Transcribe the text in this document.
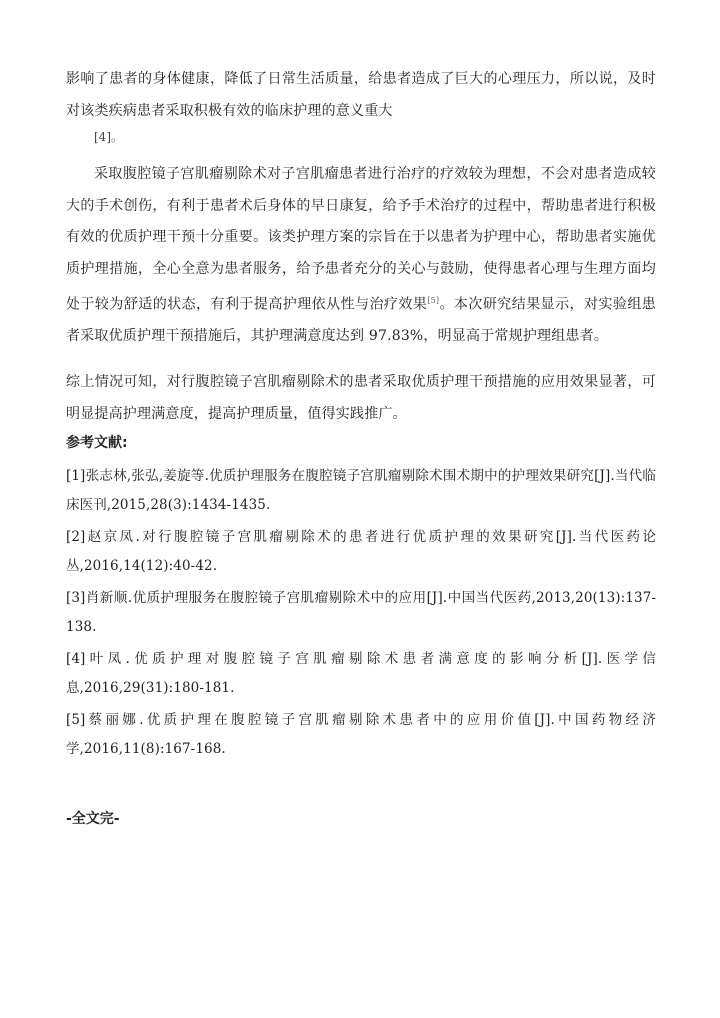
影响了患者的身体健康，降低了日常生活质量，给患者造成了巨大的心理压力，所以说，及时对该类疾病患者采取积极有效的临床护理的意义重大

[4]。

采取腹腔镜子宫肌瘤剔除术对子宫肌瘤患者进行治疗的疗效较为理想，不会对患者造成较大的手术创伤，有利于患者术后身体的早日康复，给予手术治疗的过程中，帮助患者进行积极有效的优质护理干预十分重要。该类护理方案的宗旨在于以患者为护理中心，帮助患者实施优质护理措施，全心全意为患者服务，给予患者充分的关心与鼓励，使得患者心理与生理方面均处于较为舒适的状态，有利于提高护理依从性与治疗效果[5]。本次研究结果显示，对实验组患者采取优质护理干预措施后，其护理满意度达到 97.83%，明显高于常规护理组患者。

综上情况可知，对行腹腔镜子宫肌瘤剔除术的患者采取优质护理干预措施的应用效果显著，可明显提高护理满意度，提高护理质量，值得实践推广。

参考文献:
[1]张志林,张弘,姜旋等.优质护理服务在腹腔镜子宫肌瘤剔除术围术期中的护理效果研究[J].当代临床医刊,2015,28(3):1434-1435.
[2]赵京凤.对行腹腔镜子宫肌瘤剔除术的患者进行优质护理的效果研究[J].当代医药论丛,2016,14(12):40-42.
[3]肖新顺.优质护理服务在腹腔镜子宫肌瘤剔除术中的应用[J].中国当代医药,2013,20(13):137-138.
[4]叶凤.优质护理对腹腔镜子宫肌瘤剔除术患者满意度的影响分析[J].医学信息,2016,29(31):180-181.
[5]蔡丽娜.优质护理在腹腔镜子宫肌瘤剔除术患者中的应用价值[J].中国药物经济学,2016,11(8):167-168.
-全文完-
